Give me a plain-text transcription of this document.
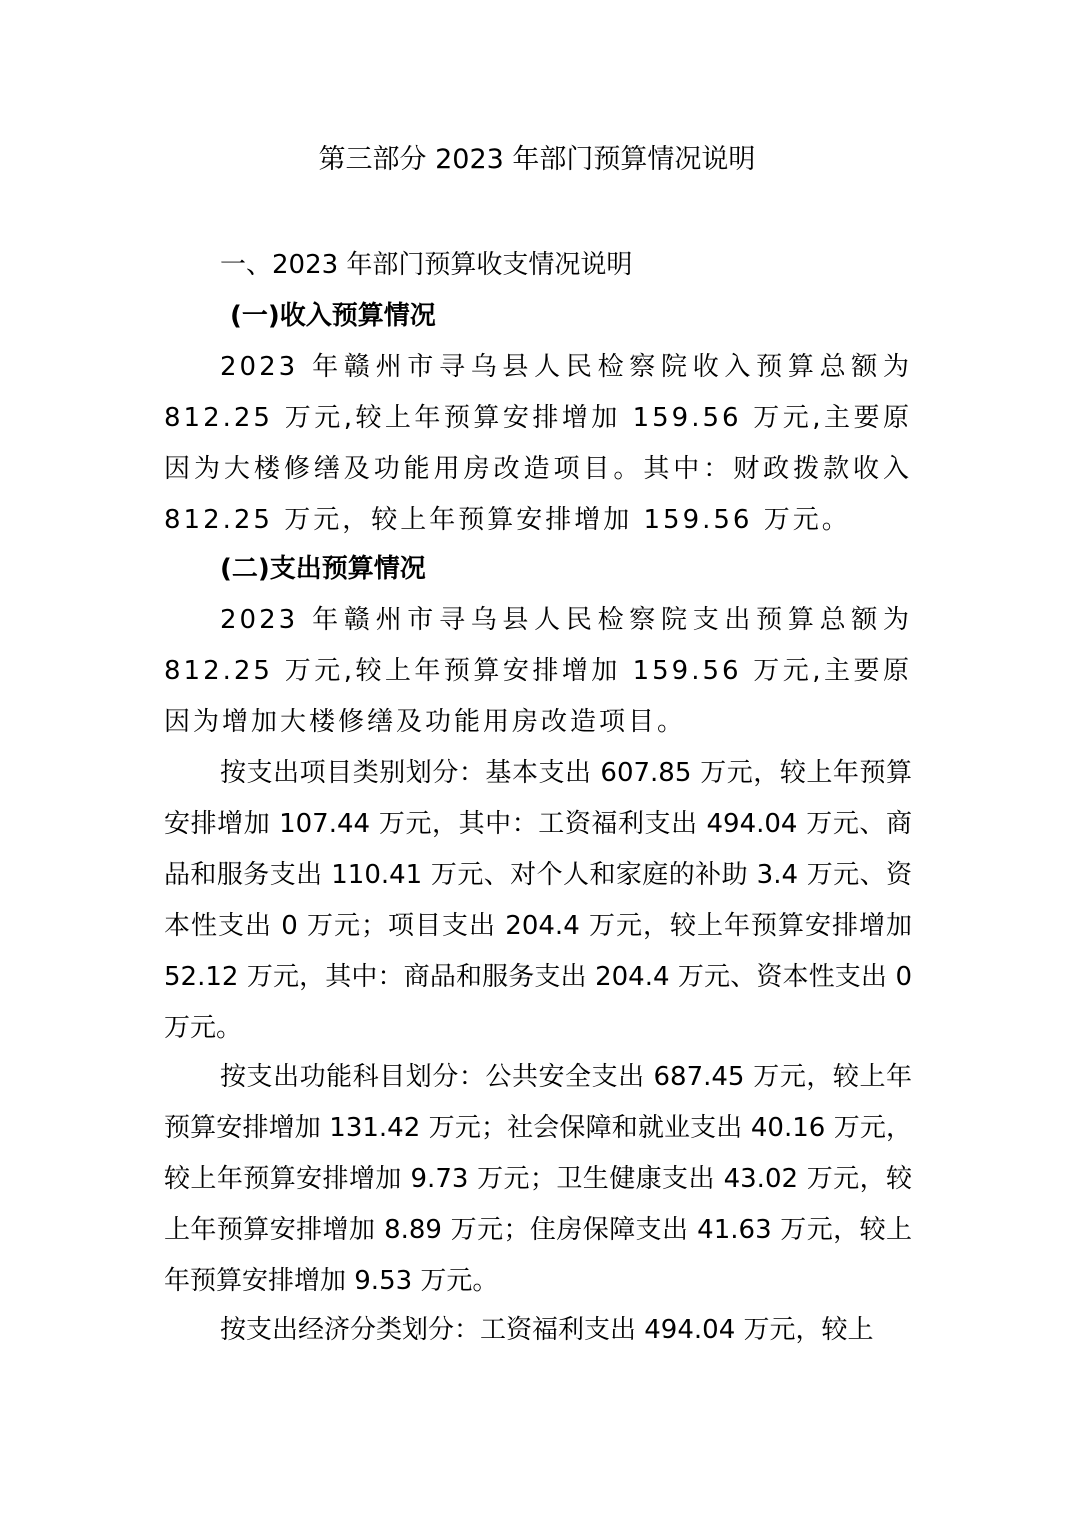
第三部分 2023 年部门预算情况说明

一、2023 年部门预算收支情况说明

(一)收入预算情况

2023 年赣州市寻乌县人民检察院收入预算总额为 812.25 万元,较上年预算安排增加 159.56 万元,主要原因为大楼修缮及功能用房改造项目。其中：财政拨款收入 812.25 万元，较上年预算安排增加 159.56 万元。

(二)支出预算情况

2023 年赣州市寻乌县人民检察院支出预算总额为 812.25 万元,较上年预算安排增加 159.56 万元,主要原因为增加大楼修缮及功能用房改造项目。

按支出项目类别划分：基本支出 607.85 万元，较上年预算安排增加 107.44 万元，其中：工资福利支出 494.04 万元、商品和服务支出 110.41 万元、对个人和家庭的补助 3.4 万元、资本性支出 0 万元；项目支出 204.4 万元，较上年预算安排增加 52.12 万元，其中：商品和服务支出 204.4 万元、资本性支出 0 万元。

按支出功能科目划分：公共安全支出 687.45 万元，较上年预算安排增加 131.42 万元；社会保障和就业支出 40.16 万元，较上年预算安排增加 9.73 万元；卫生健康支出 43.02 万元，较上年预算安排增加 8.89 万元；住房保障支出 41.63 万元，较上年预算安排增加 9.53 万元。

按支出经济分类划分：工资福利支出 494.04 万元，较上
